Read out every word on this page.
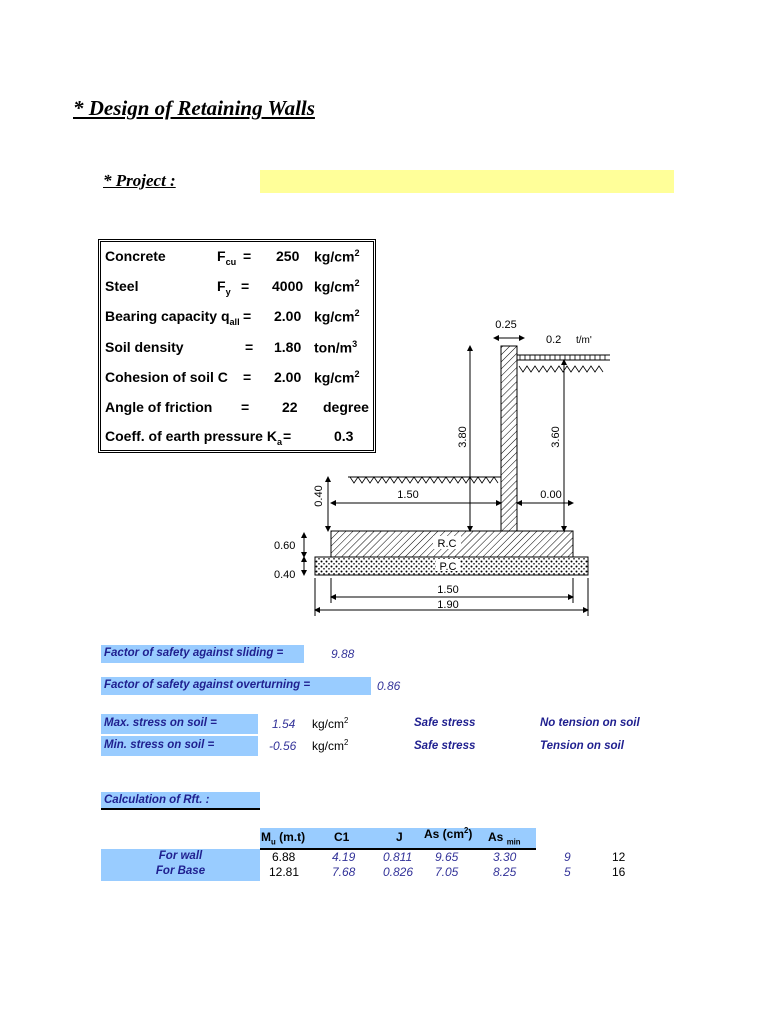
* Design of Retaining Walls
* Project :
Concrete	$F_{cu} = 250$ $kg/cm^2$
Steel	$F_y = 4000$ $kg/cm^2$
Bearing capacity $q_{all} = 2.00$ $kg/cm^2$
Soil density	= 1.80 ton/$m^3$
Cohesion of soil C = 2.00 $kg/cm^2$
Angle of friction = 22 degree
Coeff. of earth pressure $K_a$ =	0.3
R.C
P.C
0.25
0.2 t/m'
3.80	3.60
0.40	1.50	0.00
0.60
0.40
1.50
1.90
Factor of safety against sliding =	9.88
Factor of safety against overturning =	0.86
Max. stress on soil =	1.54 $kg/cm^2$	Safe stress	No tension on soil
Min. stress on soil =	-0.56 $kg/cm^2$	Safe stress	Tension on soil
Calculation of Rft. :
$M_u$ (m.t) C1	J As $(cm^2)$ As $_{min}$
For wall	6.88	4.19 0.811 9.65	3.30	9	12
For Base	12.81	7.68 0.826 7.05	8.25	5	16
